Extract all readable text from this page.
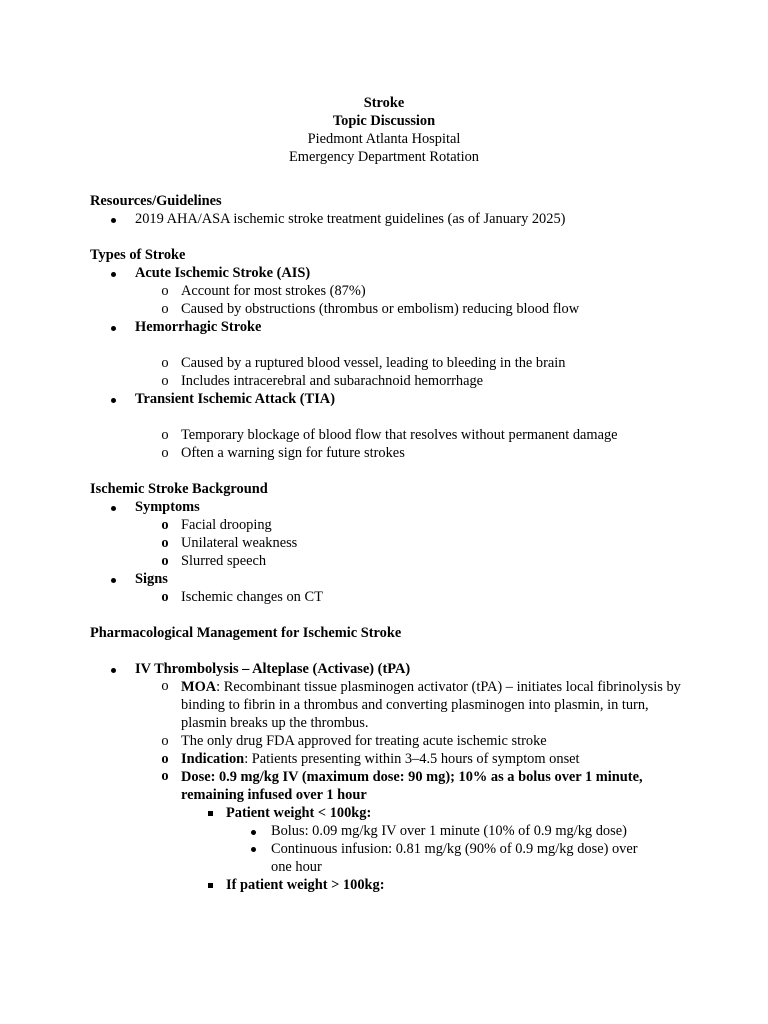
Stroke
Topic Discussion
Piedmont Atlanta Hospital
Emergency Department Rotation
Resources/Guidelines
2019 AHA/ASA ischemic stroke treatment guidelines (as of January 2025)
Types of Stroke
Acute Ischemic Stroke (AIS)
o Account for most strokes (87%)
o Caused by obstructions (thrombus or embolism) reducing blood flow
Hemorrhagic Stroke
o Caused by a ruptured blood vessel, leading to bleeding in the brain
o Includes intracerebral and subarachnoid hemorrhage
Transient Ischemic Attack (TIA)
o Temporary blockage of blood flow that resolves without permanent damage
o Often a warning sign for future strokes
Ischemic Stroke Background
Symptoms
o Facial drooping
o Unilateral weakness
o Slurred speech
Signs
o Ischemic changes on CT
Pharmacological Management for Ischemic Stroke
IV Thrombolysis – Alteplase (Activase) (tPA)
o MOA: Recombinant tissue plasminogen activator (tPA) – initiates local fibrinolysis by binding to fibrin in a thrombus and converting plasminogen into plasmin, in turn, plasmin breaks up the thrombus.
o The only drug FDA approved for treating acute ischemic stroke
o Indication: Patients presenting within 3–4.5 hours of symptom onset
o Dose: 0.9 mg/kg IV (maximum dose: 90 mg); 10% as a bolus over 1 minute, remaining infused over 1 hour
Patient weight < 100kg:
Bolus: 0.09 mg/kg IV over 1 minute (10% of 0.9 mg/kg dose)
Continuous infusion: 0.81 mg/kg (90% of 0.9 mg/kg dose) over one hour
If patient weight > 100kg:
